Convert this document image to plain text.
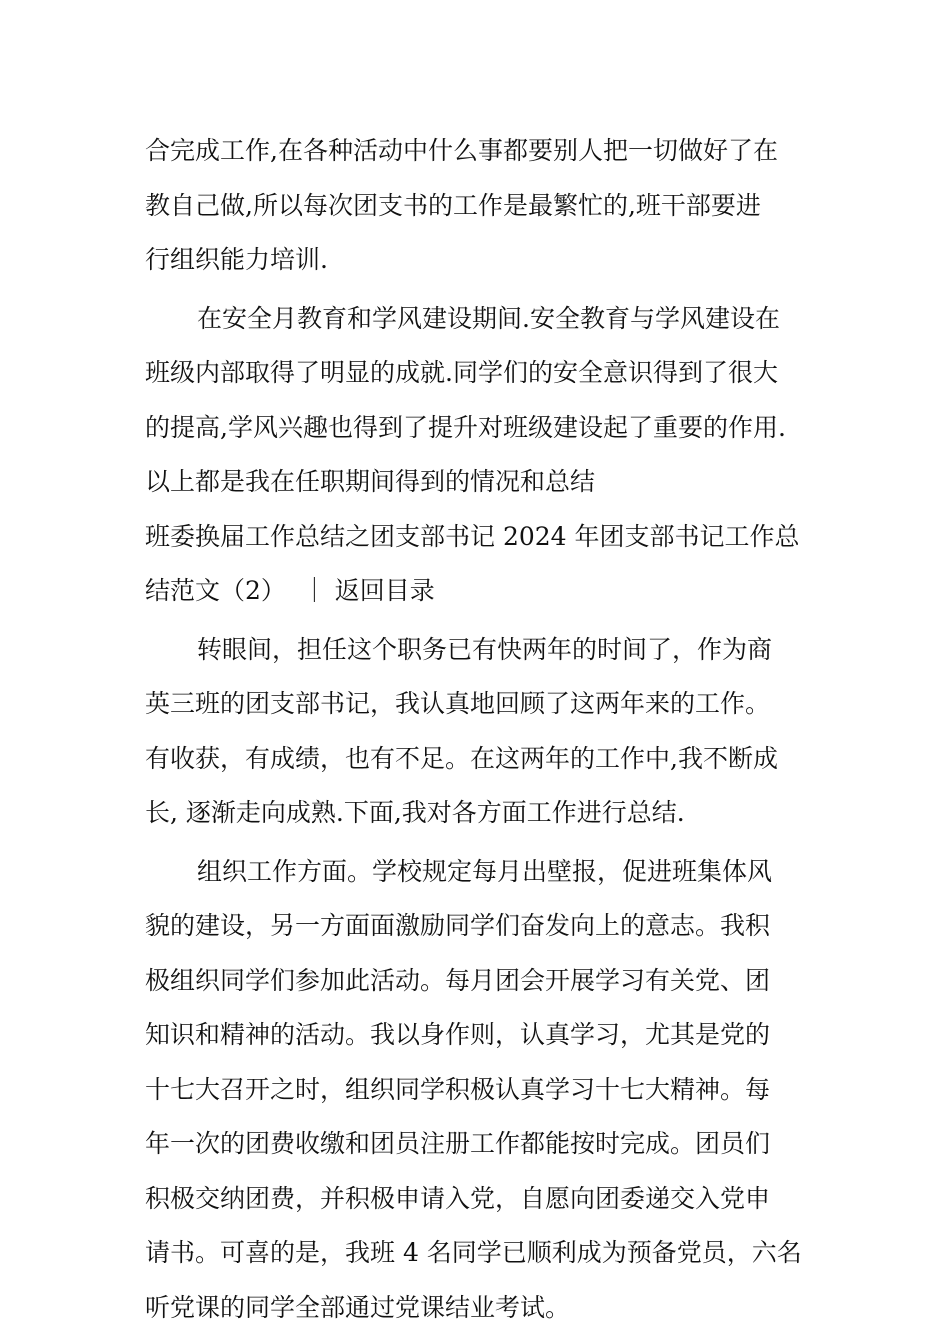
合完成工作,在各种活动中什么事都要别人把一切做好了在
教自己做,所以每次团支书的工作是最繁忙的,班干部要进
行组织能力培训.
在安全月教育和学风建设期间.安全教育与学风建设在
班级内部取得了明显的成就.同学们的安全意识得到了很大
的提高,学风兴趣也得到了提升对班级建设起了重要的作用.
以上都是我在任职期间得到的情况和总结
班委换届工作总结之团支部书记 2024 年团支部书记工作总
结范文（2） ｜ 返回目录
转眼间，担任这个职务已有快两年的时间了，作为商
英三班的团支部书记，我认真地回顾了这两年来的工作。
有收获，有成绩，也有不足。在这两年的工作中,我不断成
长, 逐渐走向成熟.下面,我对各方面工作进行总结.
组织工作方面。学校规定每月出壁报，促进班集体风
貌的建设，另一方面面激励同学们奋发向上的意志。我积
极组织同学们参加此活动。每月团会开展学习有关党、团
知识和精神的活动。我以身作则，认真学习，尤其是党的
十七大召开之时，组织同学积极认真学习十七大精神。每
年一次的团费收缴和团员注册工作都能按时完成。团员们
积极交纳团费，并积极申请入党，自愿向团委递交入党申
请书。可喜的是，我班 4 名同学已顺利成为预备党员，六名
听党课的同学全部通过党课结业考试。
